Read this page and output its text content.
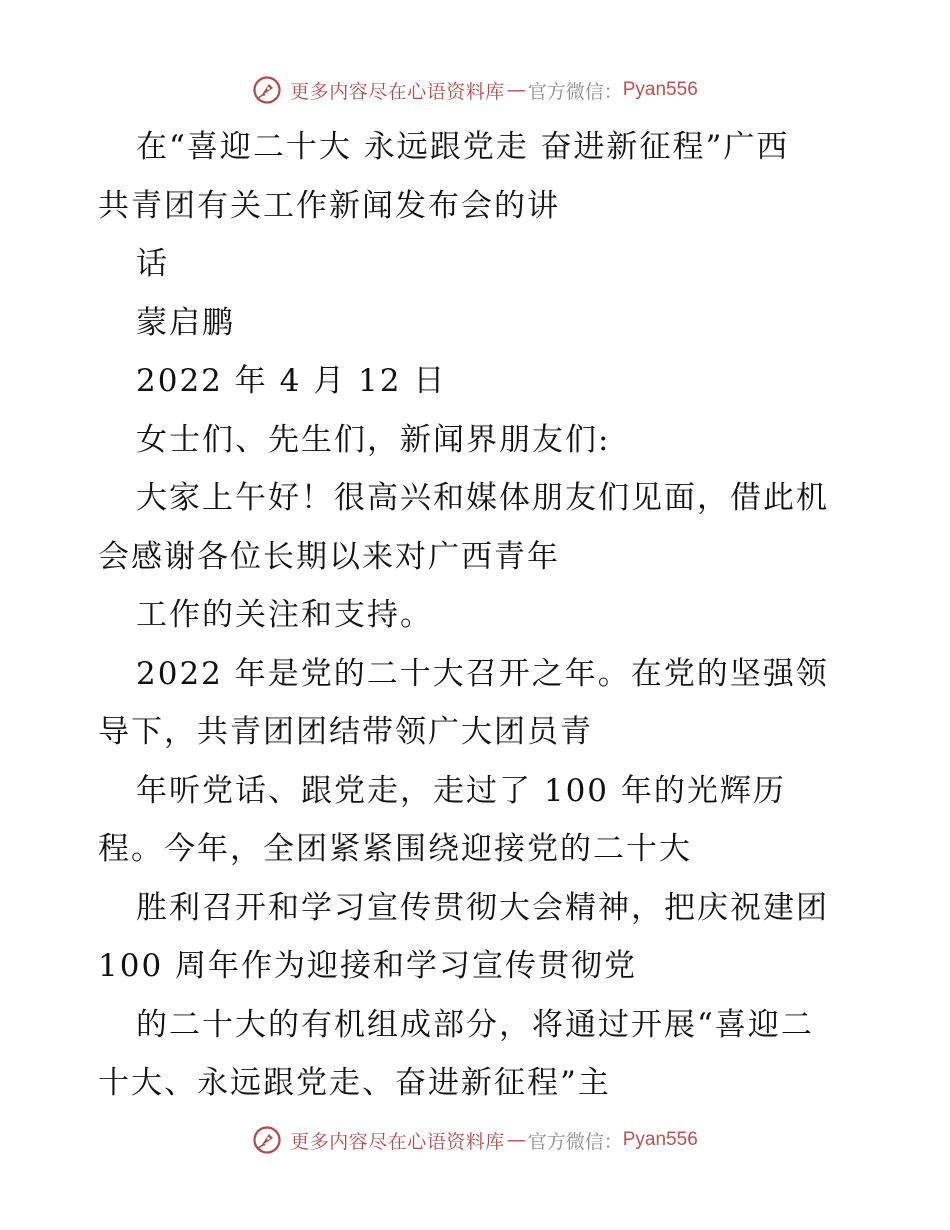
更多内容尽在心语资料库 — 官方微信： Pyan556
在“喜迎二十大 永远跟党走 奋进新征程”广西
共青团有关工作新闻发布会的讲
话
蒙启鹏
2022 年 4 月 12 日
女士们、先生们，新闻界朋友们:
大家上午好！很高兴和媒体朋友们见面，借此机
会感谢各位长期以来对广西青年
工作的关注和支持。
2022 年是党的二十大召开之年。在党的坚强领
导下，共青团团结带领广大团员青
年听党话、跟党走，走过了 100 年的光辉历
程。今年，全团紧紧围绕迎接党的二十大
胜利召开和学习宣传贯彻大会精神，把庆祝建团
100 周年作为迎接和学习宣传贯彻党
的二十大的有机组成部分，将通过开展“喜迎二
十大、永远跟党走、奋进新征程”主
更多内容尽在心语资料库 — 官方微信： Pyan556
